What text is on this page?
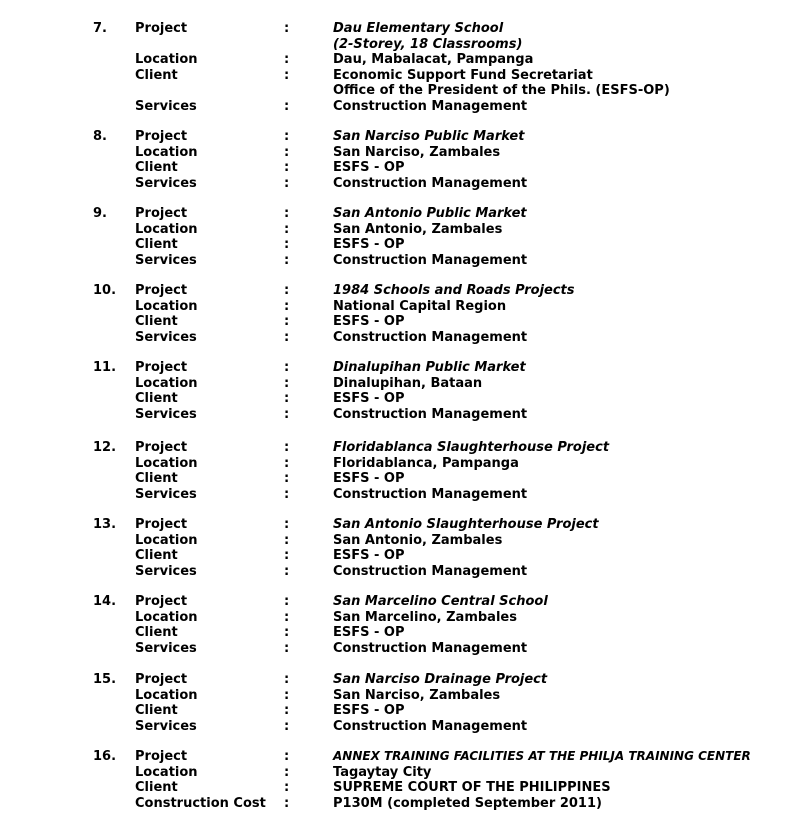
7. Project	:	Dau Elementary School
(2-Storey, 18 Classrooms)
Location	:	Dau, Mabalacat, Pampanga
Client	:	Economic Support Fund Secretariat
Office of the President of the Phils. (ESFS-OP)
Services	:	Construction Management
8. Project	:	San Narciso Public Market
Location	:	San Narciso, Zambales
Client	:	ESFS - OP
Services	:	Construction Management
9. Project	:	San Antonio Public Market
Location	:	San Antonio, Zambales
Client	:	ESFS - OP
Services	:	Construction Management
10. Project	:	1984 Schools and Roads Projects
Location	:	National Capital Region
Client	:	ESFS - OP
Services	:	Construction Management
11. Project	:	Dinalupihan Public Market
Location	:	Dinalupihan, Bataan
Client	:	ESFS - OP
Services	:	Construction Management
12. Project	:	Floridablanca Slaughterhouse Project
Location	:	Floridablanca, Pampanga
Client	:	ESFS - OP
Services	:	Construction Management
13. Project	:	San Antonio Slaughterhouse Project
Location	:	San Antonio, Zambales
Client	:	ESFS - OP
Services	:	Construction Management
14. Project	:	San Marcelino Central School
Location	:	San Marcelino, Zambales
Client	:	ESFS - OP
Services	:	Construction Management
15. Project	:	San Narciso Drainage Project
Location	:	San Narciso, Zambales
Client	:	ESFS - OP
Services	:	Construction Management
16. Project	:	ANNEX TRAINING FACILITIES AT THE PHILJA TRAINING CENTER
Location	:	Tagaytay City
Client	:	SUPREME COURT OF THE PHILIPPINES
Construction Cost :	P130M (completed September 2011)
